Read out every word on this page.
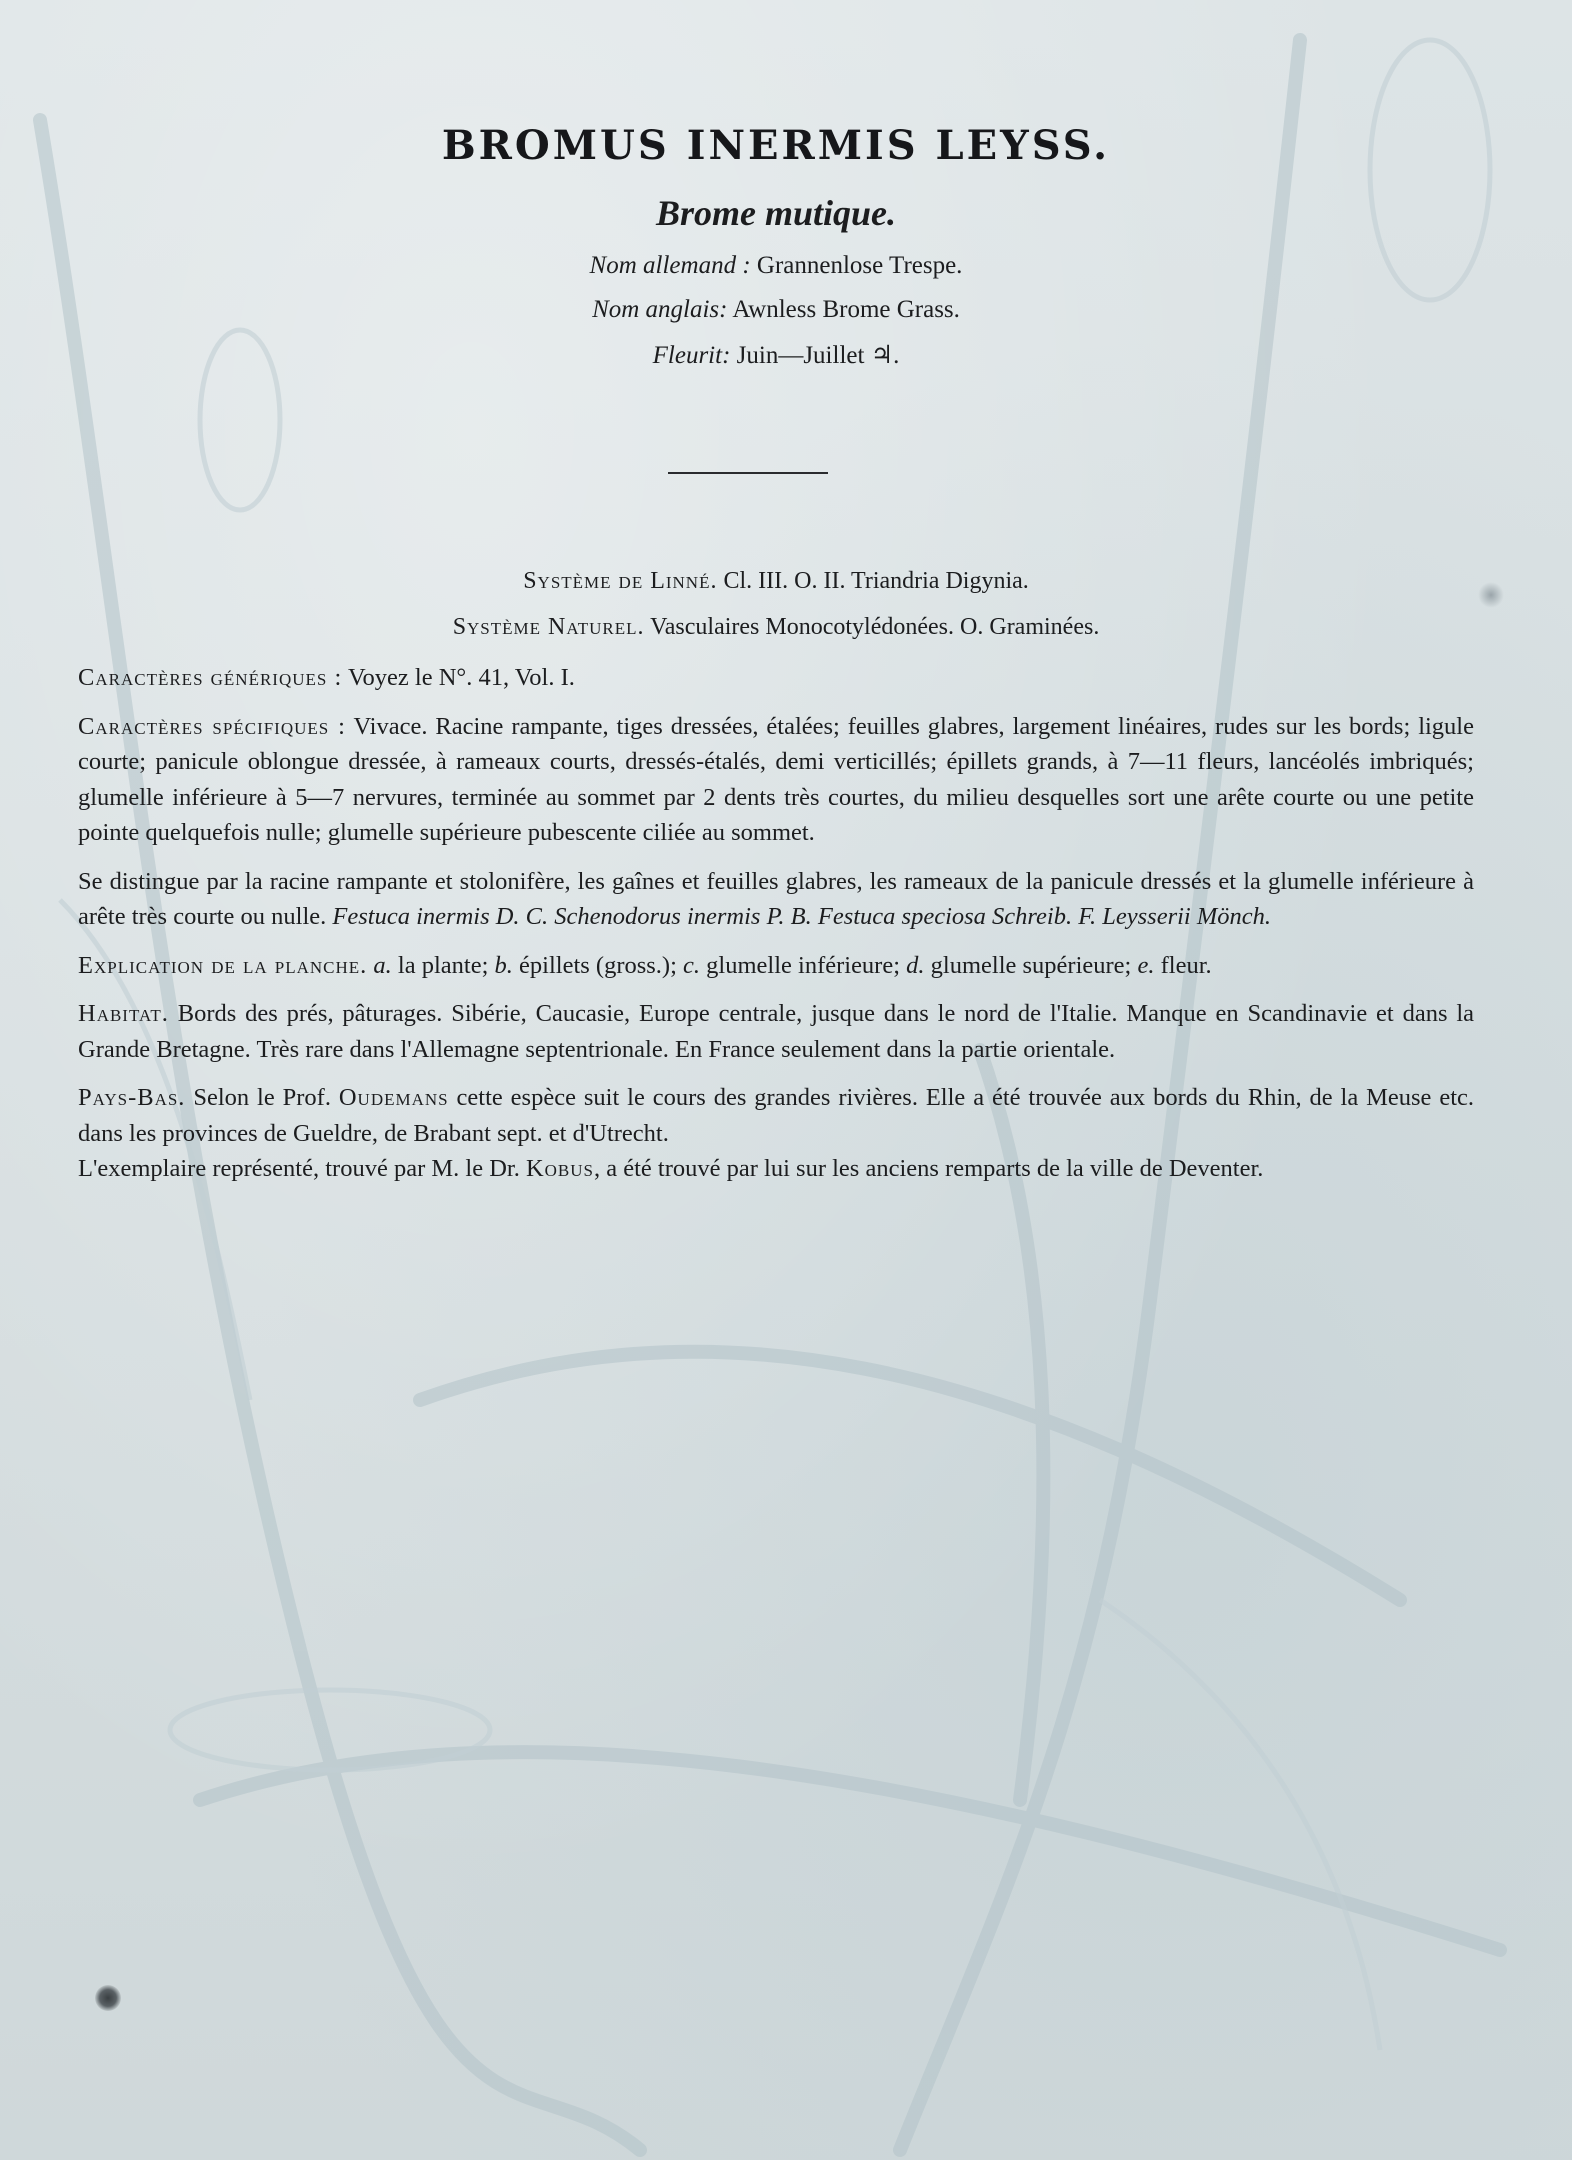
BROMUS INERMIS LEYSS.
Brome mutique.
Nom allemand : Grannenlose Trespe.
Nom anglais: Awnless Brome Grass.
Fleurit: Juin—Juillet ♃.
Système de Linné. Cl. III. O. II. Triandria Digynia.
Système Naturel. Vasculaires Monocotylédonées. O. Graminées.

Caractères génériques : Voyez le N°. 41, Vol. I.

Caractères spécifiques : Vivace. Racine rampante, tiges dressées, étalées; feuilles glabres, largement linéaires, rudes sur les bords; ligule courte; panicule oblongue dressée, à rameaux courts, dressés-étalés, demi verticillés; épillets grands, à 7—11 fleurs, lancéolés imbriqués; glumelle inférieure à 5—7 nervures, terminée au sommet par 2 dents très courtes, du milieu desquelles sort une arête courte ou une petite pointe quelquefois nulle; glumelle supérieure pubescente ciliée au sommet.

Se distingue par la racine rampante et stolonifère, les gaînes et feuilles glabres, les rameaux de la panicule dressés et la glumelle inférieure à arête très courte ou nulle. Festuca inermis D. C. Schenodorus inermis P. B. Festuca speciosa Schreib. F. Leysserii Mönch.

Explication de la planche. a. la plante; b. épillets (gross.); c. glumelle inférieure; d. glumelle supérieure; e. fleur.

Habitat. Bords des prés, pâturages. Sibérie, Caucasie, Europe centrale, jusque dans le nord de l'Italie. Manque en Scandinavie et dans la Grande Bretagne. Très rare dans l'Allemagne septentrionale. En France seulement dans la partie orientale.

Pays-Bas. Selon le Prof. Oudemans cette espèce suit le cours des grandes rivières. Elle a été trouvée aux bords du Rhin, de la Meuse etc. dans les provinces de Gueldre, de Brabant sept. et d'Utrecht.

L'exemplaire représenté, trouvé par M. le Dr. Kobus, a été trouvé par lui sur les anciens remparts de la ville de Deventer.
